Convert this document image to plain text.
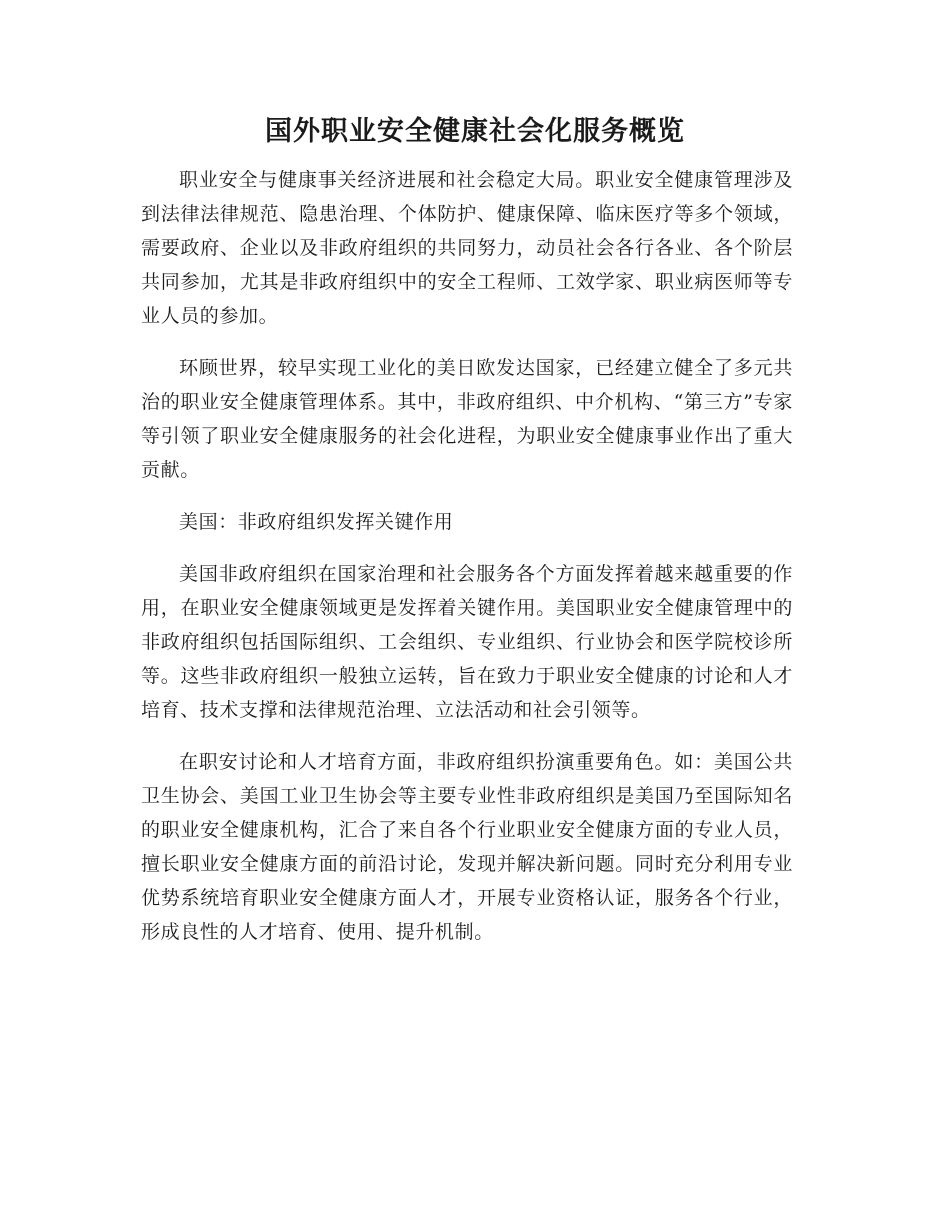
国外职业安全健康社会化服务概览

职业安全与健康事关经济进展和社会稳定大局。职业安全健康管理涉及到法律法律规范、隐患治理、个体防护、健康保障、临床医疗等多个领域，需要政府、企业以及非政府组织的共同努力，动员社会各行各业、各个阶层共同参加，尤其是非政府组织中的安全工程师、工效学家、职业病医师等专业人员的参加。

环顾世界，较早实现工业化的美日欧发达国家，已经建立健全了多元共治的职业安全健康管理体系。其中，非政府组织、中介机构、“第三方”专家等引领了职业安全健康服务的社会化进程，为职业安全健康事业作出了重大贡献。

美国：非政府组织发挥关键作用

美国非政府组织在国家治理和社会服务各个方面发挥着越来越重要的作用，在职业安全健康领域更是发挥着关键作用。美国职业安全健康管理中的非政府组织包括国际组织、工会组织、专业组织、行业协会和医学院校诊所等。这些非政府组织一般独立运转，旨在致力于职业安全健康的讨论和人才培育、技术支撑和法律规范治理、立法活动和社会引领等。

在职安讨论和人才培育方面，非政府组织扮演重要角色。如：美国公共卫生协会、美国工业卫生协会等主要专业性非政府组织是美国乃至国际知名的职业安全健康机构，汇合了来自各个行业职业安全健康方面的专业人员，擅长职业安全健康方面的前沿讨论，发现并解决新问题。同时充分利用专业优势系统培育职业安全健康方面人才，开展专业资格认证，服务各个行业，形成良性的人才培育、使用、提升机制。
